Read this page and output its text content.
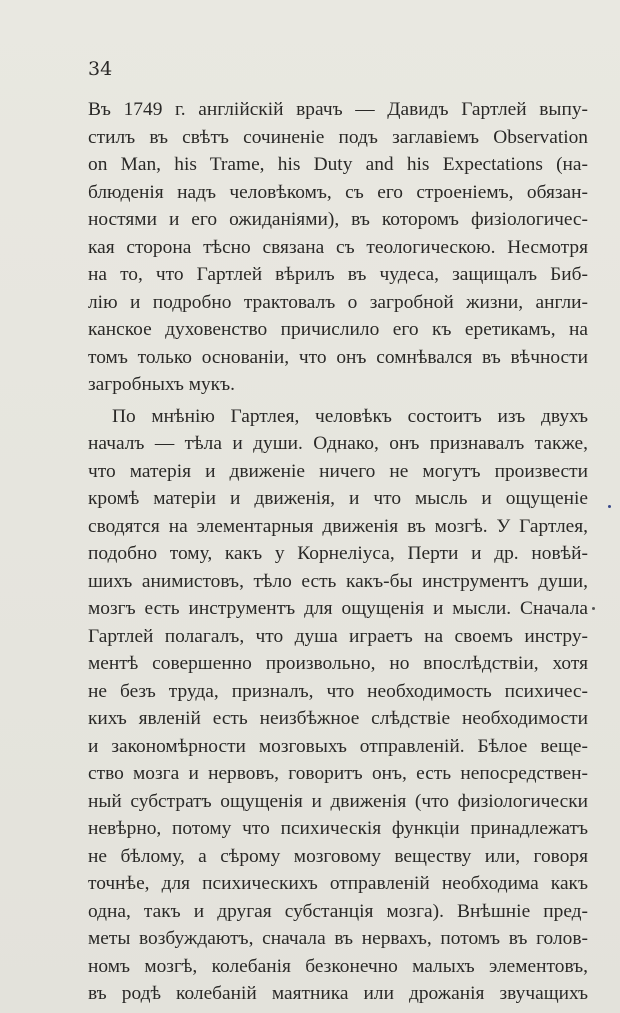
34
Въ 1749 г. англійскій врачъ — Давидъ Гартлей выпу-
стилъ въ свѣтъ сочиненіе подъ заглавіемъ Observation
on Man, his Trame, his Duty and his Expectations (на-
блюденія надъ человѣкомъ, съ его строеніемъ, обязан-
ностями и его ожиданіями), въ которомъ физіологичес-
кая сторона тѣсно связана съ теологическою. Несмотря
на то, что Гартлей вѣрилъ въ чудеса, защищалъ Биб-
лію и подробно трактовалъ о загробной жизни, англи-
канское духовенство причислило его къ еретикамъ, на
томъ только основаніи, что онъ сомнѣвался въ вѣчности
загробныхъ мукъ.
По мнѣнію Гартлея, человѣкъ состоитъ изъ двухъ
началъ — тѣла и души. Однако, онъ признавалъ также,
что матерія и движеніе ничего не могутъ произвести
кромѣ матеріи и движенія, и что мысль и ощущеніе
сводятся на элементарныя движенія въ мозгѣ. У Гартлея,
подобно тому, какъ у Корнеліуса, Перти и др. новѣй-
шихъ анимистовъ, тѣло есть какъ-бы инструментъ души,
мозгъ есть инструментъ для ощущенія и мысли. Сначала
Гартлей полагалъ, что душа играетъ на своемъ инстру-
ментѣ совершенно произвольно, но впослѣдствіи, хотя
не безъ труда, призналъ, что необходимость психичес-
кихъ явленій есть неизбѣжное слѣдствіе необходимости
и закономѣрности мозговыхъ отправленій. Бѣлое веще-
ство мозга и нервовъ, говоритъ онъ, есть непосредствен-
ный субстратъ ощущенія и движенія (что физіологически
невѣрно, потому что психическія функціи принадлежатъ
не бѣлому, а сѣрому мозговому веществу или, говоря
точнѣе, для психическихъ отправленій необходима какъ
одна, такъ и другая субстанція мозга). Внѣшніе пред-
меты возбуждаютъ, сначала въ нервахъ, потомъ въ голов-
номъ мозгѣ, колебанія безконечно малыхъ элементовъ,
въ родѣ колебаній маятника или дрожанія звучащихъ
